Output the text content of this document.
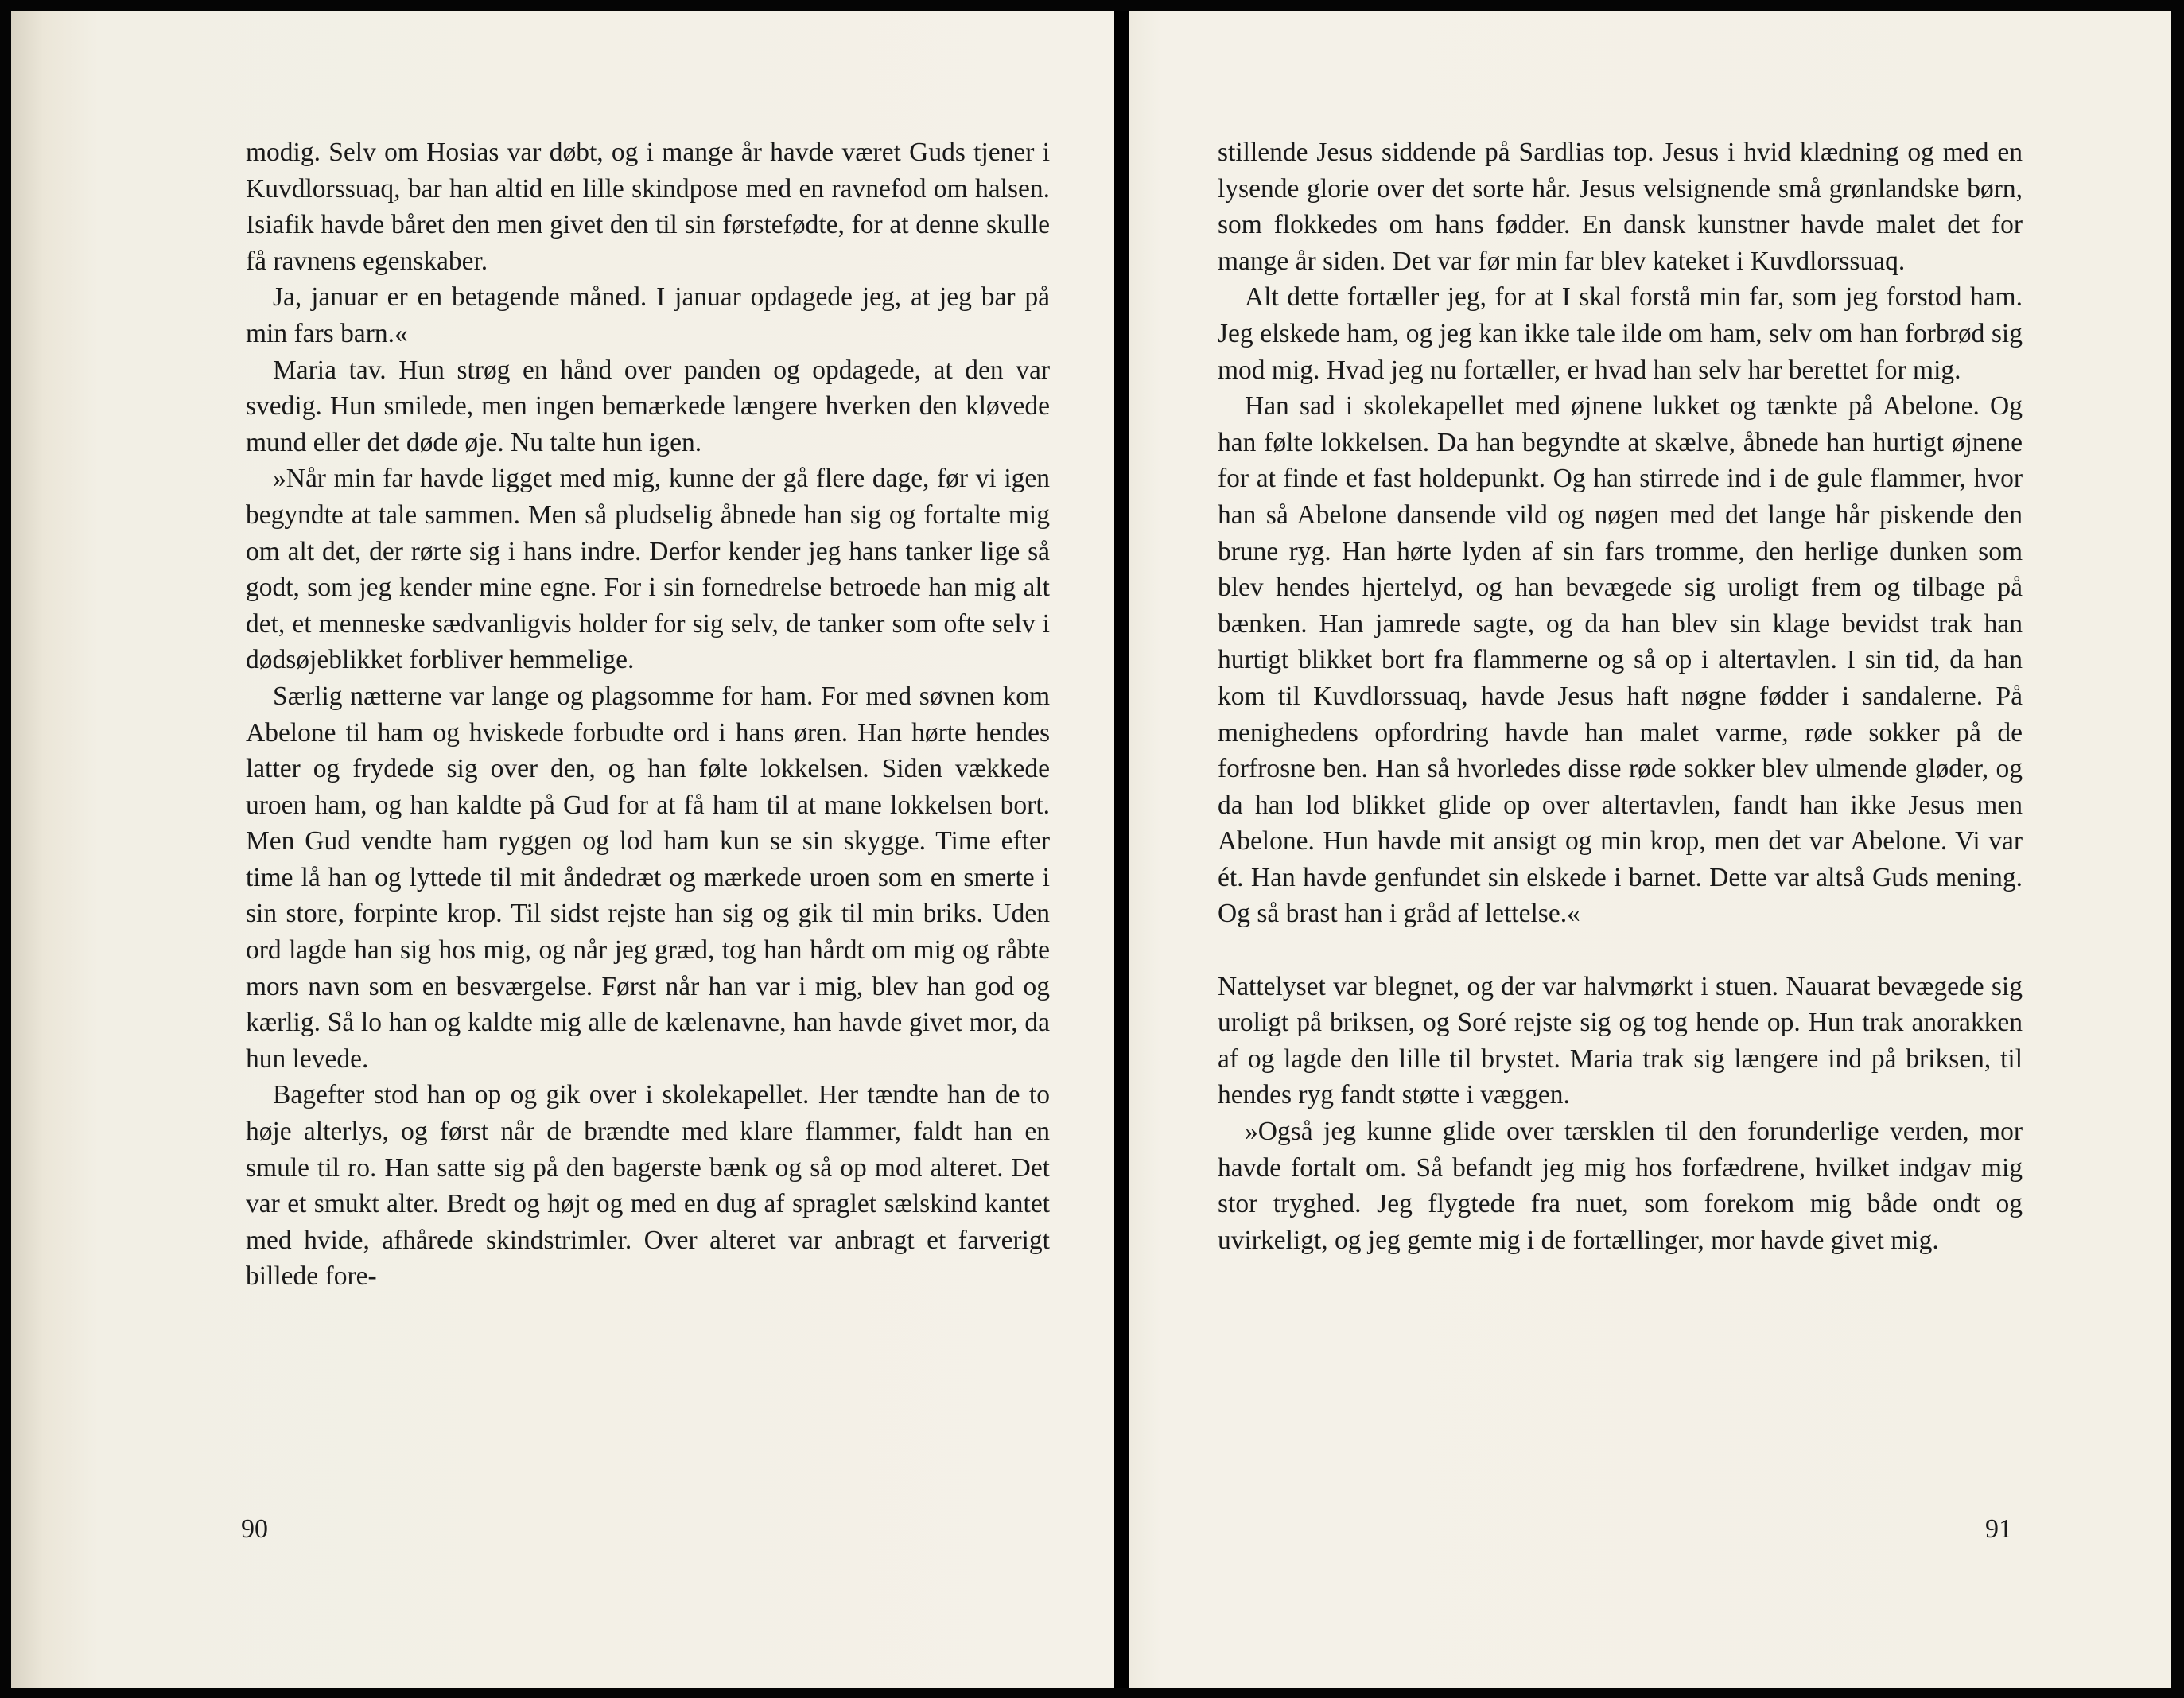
modig. Selv om Hosias var døbt, og i mange år havde været Guds tjener i Kuvdlorssuaq, bar han altid en lille skindpose med en ravnefod om halsen. Isiafik havde båret den men givet den til sin førstefødte, for at denne skulle få ravnens egenskaber.

Ja, januar er en betagende måned. I januar opdagede jeg, at jeg bar på min fars barn.«

Maria tav. Hun strøg en hånd over panden og opdagede, at den var svedig. Hun smilede, men ingen bemærkede længere hverken den kløvede mund eller det døde øje. Nu talte hun igen.

»Når min far havde ligget med mig, kunne der gå flere dage, før vi igen begyndte at tale sammen. Men så pludselig åbnede han sig og fortalte mig om alt det, der rørte sig i hans indre. Derfor kender jeg hans tanker lige så godt, som jeg kender mine egne. For i sin fornedrelse betroede han mig alt det, et menneske sædvanligvis holder for sig selv, de tanker som ofte selv i dødsøjeblikket forbliver hemmelige.

Særlig nætterne var lange og plagsomme for ham. For med søvnen kom Abelone til ham og hviskede forbudte ord i hans øren. Han hørte hendes latter og frydede sig over den, og han følte lokkelsen. Siden vækkede uroen ham, og han kaldte på Gud for at få ham til at mane lokkelsen bort. Men Gud vendte ham ryggen og lod ham kun se sin skygge. Time efter time lå han og lyttede til mit åndedræt og mærkede uroen som en smerte i sin store, forpinte krop. Til sidst rejste han sig og gik til min briks. Uden ord lagde han sig hos mig, og når jeg græd, tog han hårdt om mig og råbte mors navn som en besværgelse. Først når han var i mig, blev han god og kærlig. Så lo han og kaldte mig alle de kælenavne, han havde givet mor, da hun levede.

Bagefter stod han op og gik over i skolekapellet. Her tændte han de to høje alterlys, og først når de brændte med klare flammer, faldt han en smule til ro. Han satte sig på den bagerste bænk og så op mod alteret. Det var et smukt alter. Bredt og højt og med en dug af spraglet sælskind kantet med hvide, afhårede skindstrimler. Over alteret var anbragt et farverigt billede fore-

90

stillende Jesus siddende på Sardlias top. Jesus i hvid klædning og med en lysende glorie over det sorte hår. Jesus velsignende små grønlandske børn, som flokkedes om hans fødder. En dansk kunstner havde malet det for mange år siden. Det var før min far blev kateket i Kuvdlorssuaq.

Alt dette fortæller jeg, for at I skal forstå min far, som jeg forstod ham. Jeg elskede ham, og jeg kan ikke tale ilde om ham, selv om han forbrød sig mod mig. Hvad jeg nu fortæller, er hvad han selv har berettet for mig.

Han sad i skolekapellet med øjnene lukket og tænkte på Abelone. Og han følte lokkelsen. Da han begyndte at skælve, åbnede han hurtigt øjnene for at finde et fast holdepunkt. Og han stirrede ind i de gule flammer, hvor han så Abelone dansende vild og nøgen med det lange hår piskende den brune ryg. Han hørte lyden af sin fars tromme, den herlige dunken som blev hendes hjertelyd, og han bevægede sig uroligt frem og tilbage på bænken. Han jamrede sagte, og da han blev sin klage bevidst trak han hurtigt blikket bort fra flammerne og så op i altertavlen. I sin tid, da han kom til Kuvdlorssuaq, havde Jesus haft nøgne fødder i sandalerne. På menighedens opfordring havde han malet varme, røde sokker på de forfrosne ben. Han så hvorledes disse røde sokker blev ulmende gløder, og da han lod blikket glide op over altertavlen, fandt han ikke Jesus men Abelone. Hun havde mit ansigt og min krop, men det var Abelone. Vi var ét. Han havde genfundet sin elskede i barnet. Dette var altså Guds mening. Og så brast han i gråd af lettelse.«

Nattelyset var blegnet, og der var halvmørkt i stuen. Nauarat bevægede sig uroligt på briksen, og Soré rejste sig og tog hende op. Hun trak anorakken af og lagde den lille til brystet. Maria trak sig længere ind på briksen, til hendes ryg fandt støtte i væggen.

»Også jeg kunne glide over tærsklen til den forunderlige verden, mor havde fortalt om. Så befandt jeg mig hos forfædrene, hvilket indgav mig stor tryghed. Jeg flygtede fra nuet, som forekom mig både ondt og uvirkeligt, og jeg gemte mig i de fortællinger, mor havde givet mig.

91
